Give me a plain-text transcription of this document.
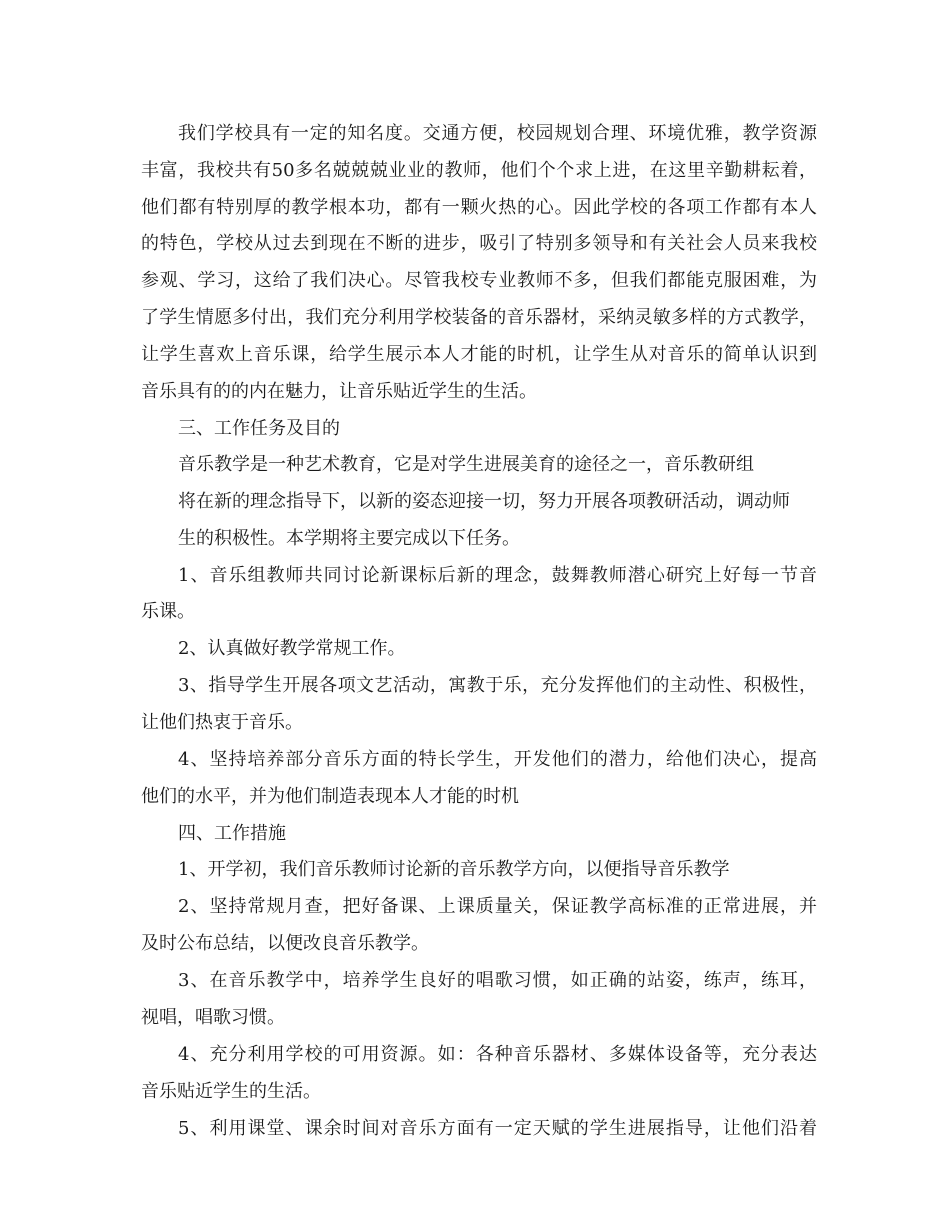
我们学校具有一定的知名度。交通方便，校园规划合理、环境优雅，教学资源
丰富，我校共有50多名兢兢兢业业的教师，他们个个求上进，在这里辛勤耕耘着，
他们都有特别厚的教学根本功，都有一颗火热的心。因此学校的各项工作都有本人
的特色，学校从过去到现在不断的进步，吸引了特别多领导和有关社会人员来我校
参观、学习，这给了我们决心。尽管我校专业教师不多，但我们都能克服困难，为
了学生情愿多付出，我们充分利用学校装备的音乐器材，采纳灵敏多样的方式教学，
让学生喜欢上音乐课，给学生展示本人才能的时机，让学生从对音乐的简单认识到
音乐具有的的内在魅力，让音乐贴近学生的生活。
三、工作任务及目的
音乐教学是一种艺术教育，它是对学生进展美育的途径之一，音乐教研组
将在新的理念指导下，以新的姿态迎接一切，努力开展各项教研活动，调动师
生的积极性。本学期将主要完成以下任务。
1、音乐组教师共同讨论新课标后新的理念，鼓舞教师潜心研究上好每一节音
乐课。
2、认真做好教学常规工作。
3、指导学生开展各项文艺活动，寓教于乐，充分发挥他们的主动性、积极性，
让他们热衷于音乐。
4、坚持培养部分音乐方面的特长学生，开发他们的潜力，给他们决心，提高
他们的水平，并为他们制造表现本人才能的时机
四、工作措施
1、开学初，我们音乐教师讨论新的音乐教学方向，以便指导音乐教学
2、坚持常规月查，把好备课、上课质量关，保证教学高标准的正常进展，并
及时公布总结，以便改良音乐教学。
3、在音乐教学中，培养学生良好的唱歌习惯，如正确的站姿，练声，练耳，
视唱，唱歌习惯。
4、充分利用学校的可用资源。如：各种音乐器材、多媒体设备等，充分表达
音乐贴近学生的生活。
5、利用课堂、课余时间对音乐方面有一定天赋的学生进展指导，让他们沿着
